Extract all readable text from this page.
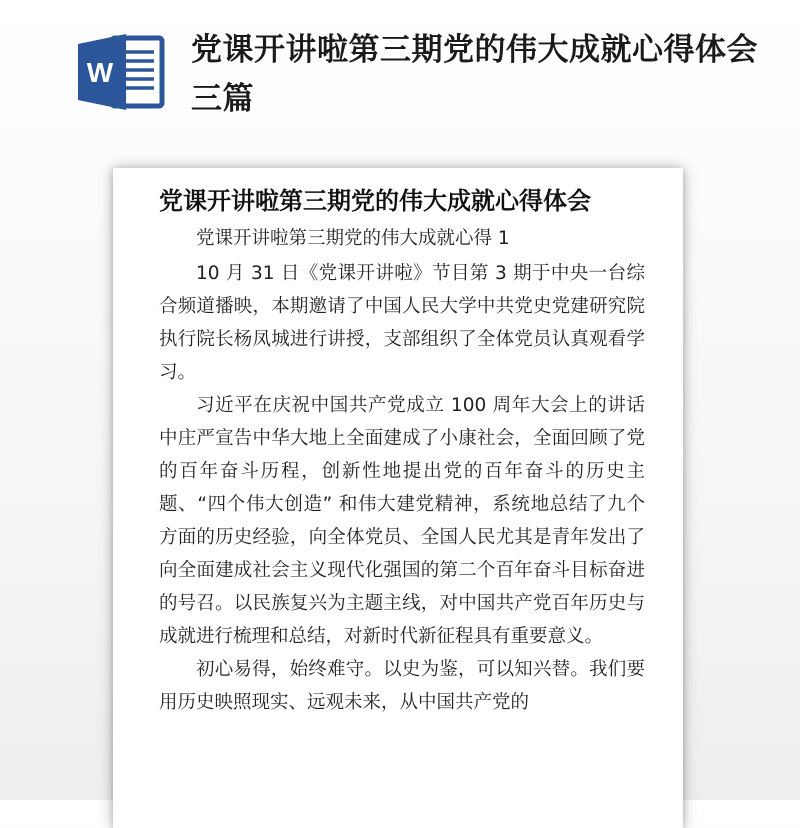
W
党课开讲啦第三期党的伟大成就心得体会三篇
党课开讲啦第三期党的伟大成就心得体会

党课开讲啦第三期党的伟大成就心得 1

10 月 31 日《党课开讲啦》节目第 3 期于中央一台综合频道播映，本期邀请了中国人民大学中共党史党建研究院执行院长杨凤城进行讲授，支部组织了全体党员认真观看学习。

习近平在庆祝中国共产党成立 100 周年大会上的讲话中庄严宣告中华大地上全面建成了小康社会，全面回顾了党的百年奋斗历程，创新性地提出党的百年奋斗的历史主题、“四个伟大创造” 和伟大建党精神，系统地总结了九个方面的历史经验，向全体党员、全国人民尤其是青年发出了向全面建成社会主义现代化强国的第二个百年奋斗目标奋进的号召。以民族复兴为主题主线，对中国共产党百年历史与成就进行梳理和总结，对新时代新征程具有重要意义。

初心易得，始终难守。以史为鉴，可以知兴替。我们要用历史映照现实、远观未来，从中国共产党的
